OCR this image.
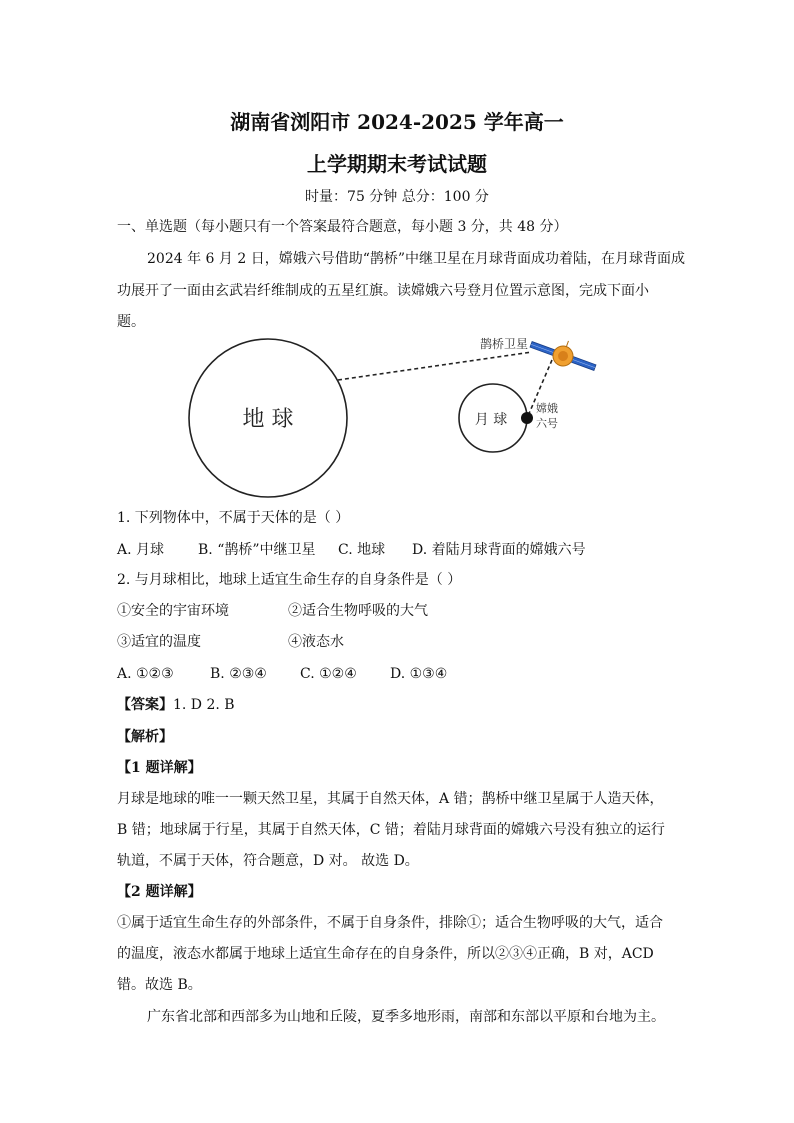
湖南省浏阳市 2024-2025 学年高一
上学期期末考试试题
时量：75 分钟 总分：100 分
一、单选题（每小题只有一个答案最符合题意，每小题 3 分，共 48 分）
2024 年 6 月 2 日，嫦娥六号借助“鹊桥”中继卫星在月球背面成功着陆，在月球背面成
功展开了一面由玄武岩纤维制成的五星红旗。读嫦娥六号登月位置示意图，完成下面小
题。
地 球	月 球
鹊桥卫星
嫦娥
六号
1. 下列物体中，不属于天体的是（ ）
A. 月球 B. “鹊桥”中继卫星 C. 地球 D. 着陆月球背面的嫦娥六号
2. 与月球相比，地球上适宜生命生存的自身条件是（ ）
①安全的宇宙环境	②适合生物呼吸的大气
③适宜的温度	④液态水
A. ①②③	B. ②③④ C. ①②④ D. ①③④
【答案】1. D 2. B
【解析】
【1 题详解】
月球是地球的唯一一颗天然卫星，其属于自然天体，A 错；鹊桥中继卫星属于人造天体，
B 错；地球属于行星，其属于自然天体，C 错；着陆月球背面的嫦娥六号没有独立的运行
轨道，不属于天体，符合题意，D 对。 故选 D。
【2 题详解】
①属于适宜生命生存的外部条件，不属于自身条件，排除①；适合生物呼吸的大气，适合
的温度，液态水都属于地球上适宜生命存在的自身条件，所以②③④正确，B 对，ACD
错。故选 B。
广东省北部和西部多为山地和丘陵，夏季多地形雨，南部和东部以平原和台地为主。
